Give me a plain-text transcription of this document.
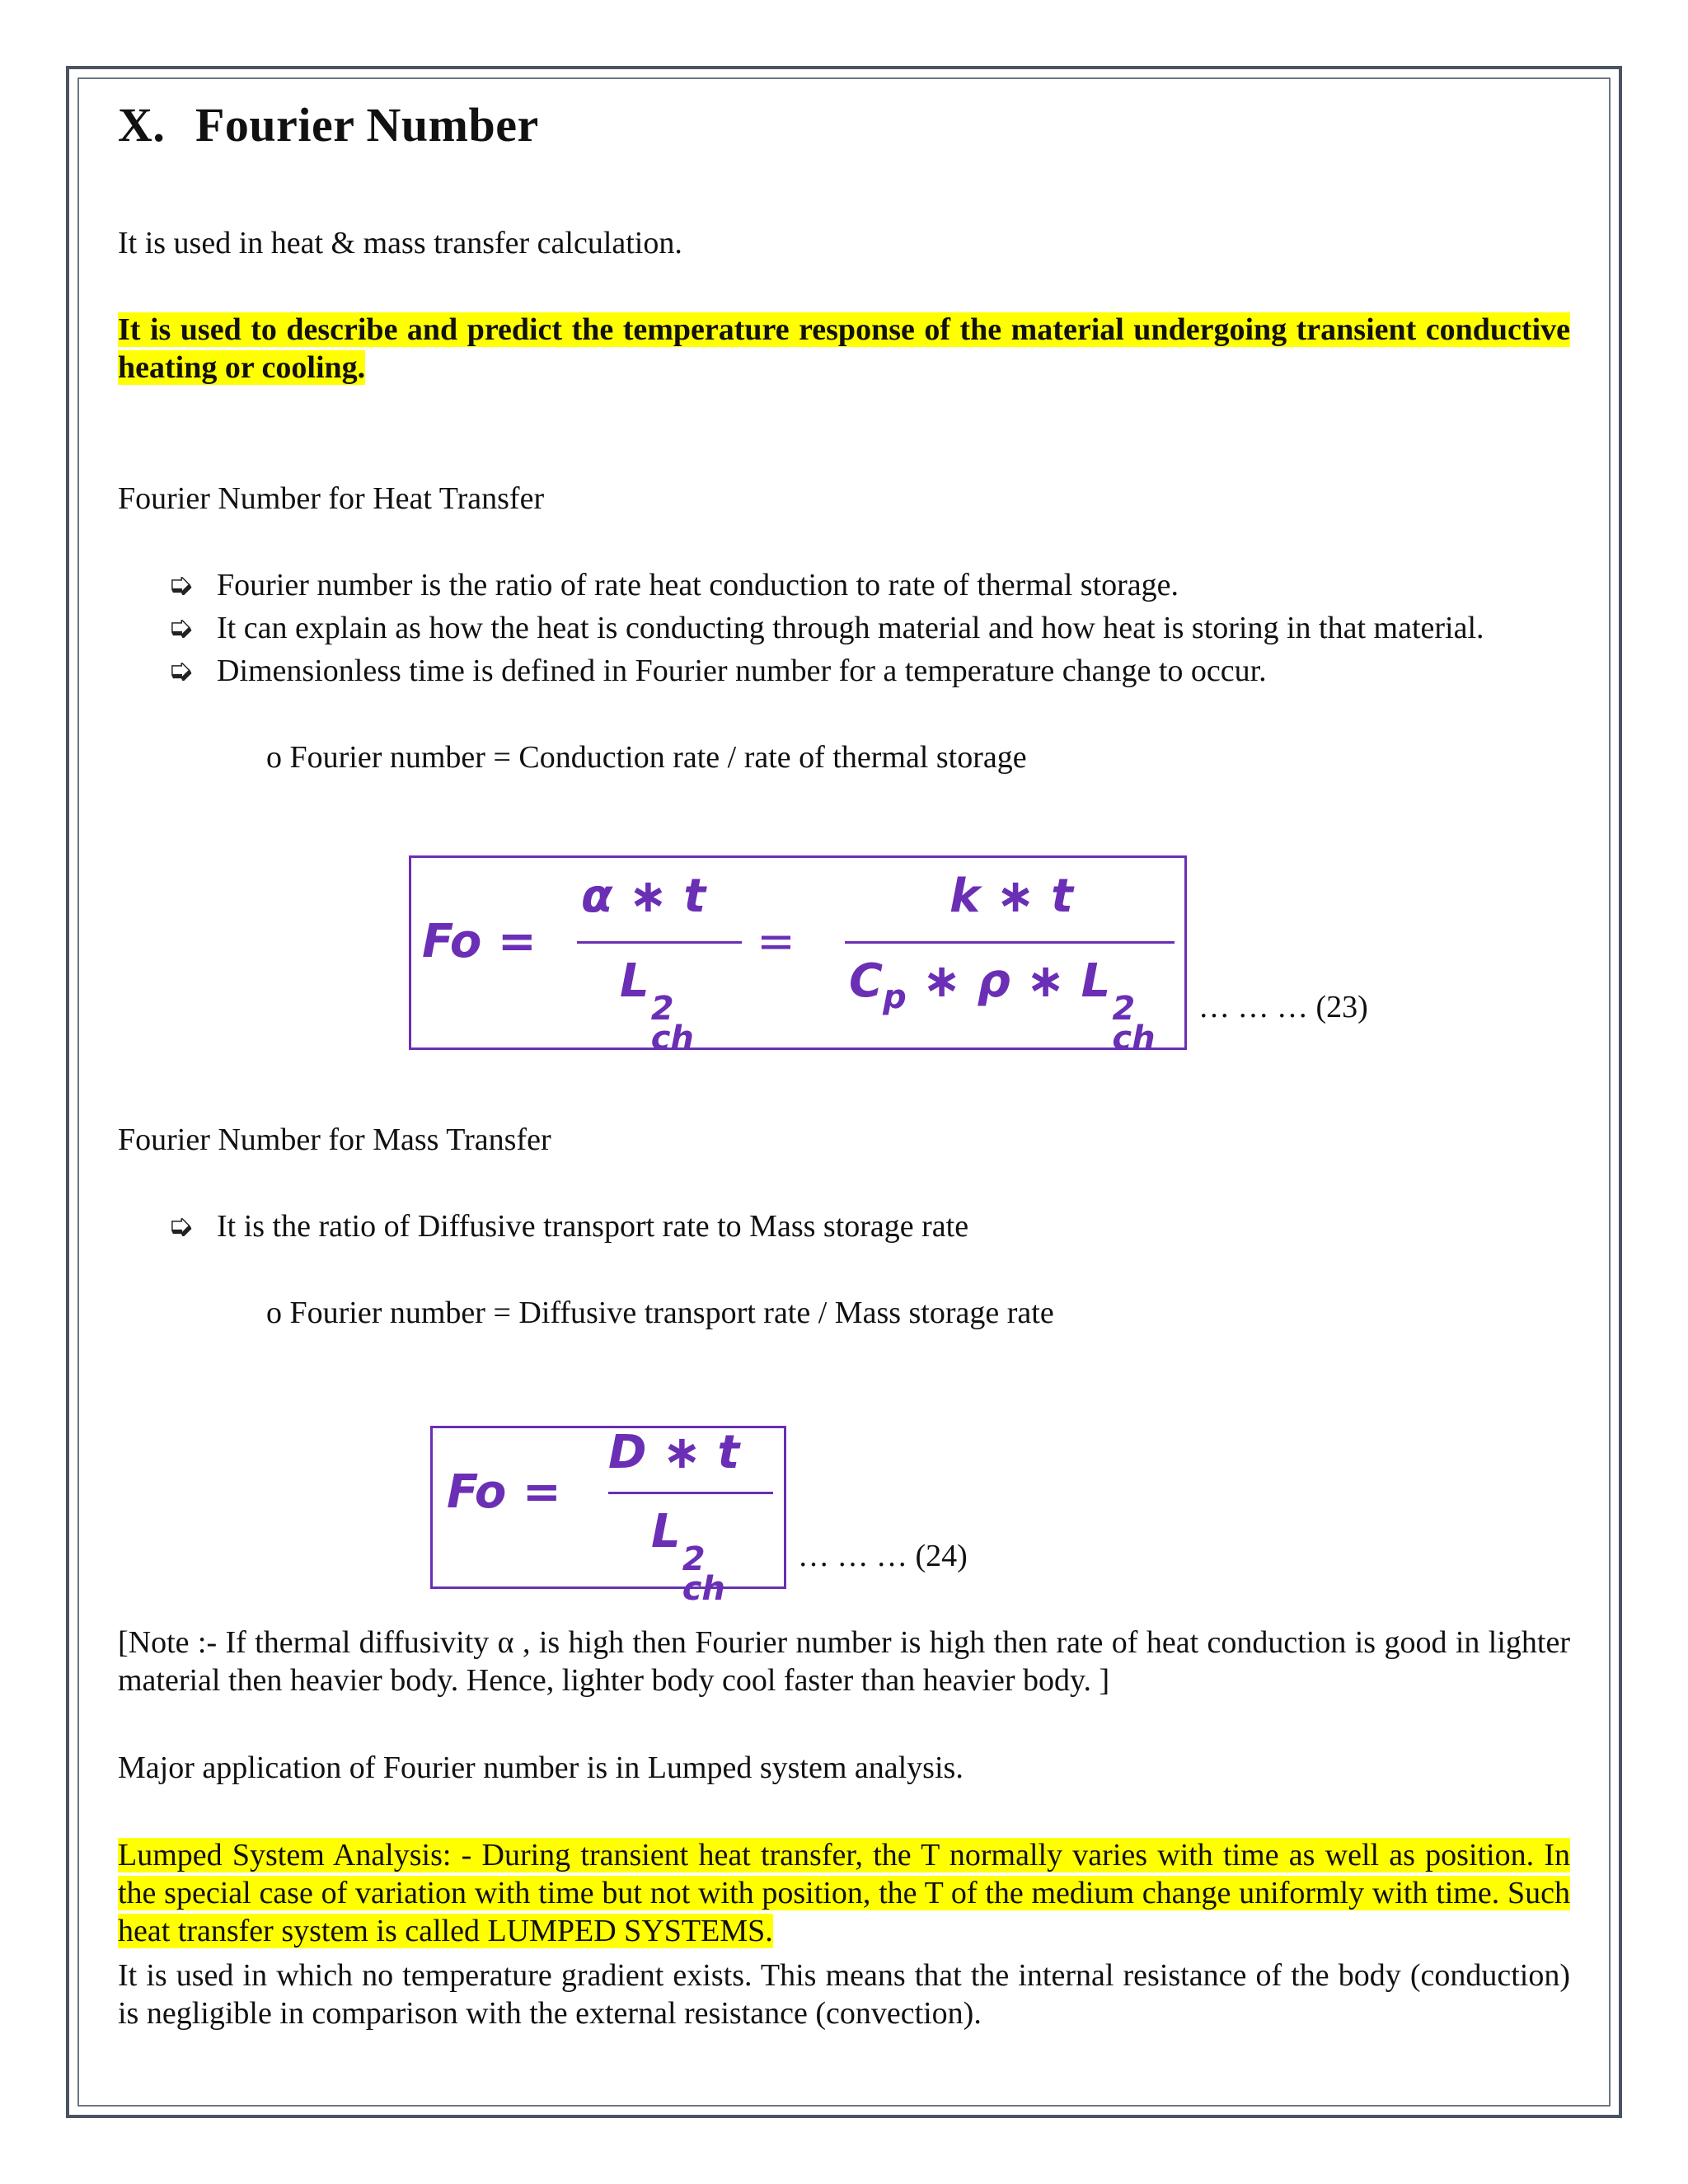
X. Fourier Number
It is used in heat & mass transfer calculation.
It is used to describe and predict the temperature response of the material undergoing transient conductive heating or cooling.
Fourier Number for Heat Transfer
➭ Fourier number is the ratio of rate heat conduction to rate of thermal storage.
➭ It can explain as how the heat is conducting through material and how heat is storing in that material.
➭ Dimensionless time is defined in Fourier number for a temperature change to occur.
o Fourier number = Conduction rate / rate of thermal storage
Fo =
α ∗ t
L
2
ch
=
k ∗ t
$C_p$ ∗ ρ ∗ L
2
ch
… … … (23)
Fourier Number for Mass Transfer
➭ It is the ratio of Diffusive transport rate to Mass storage rate
o Fourier number = Diffusive transport rate / Mass storage rate
Fo =
D ∗ t
L
2
ch
… … … (24)
[Note :- If thermal diffusivity α , is high then Fourier number is high then rate of heat conduction is good in lighter material then heavier body. Hence, lighter body cool faster than heavier body. ]
Major application of Fourier number is in Lumped system analysis.
Lumped System Analysis: - During transient heat transfer, the T normally varies with time as well as position. In the special case of variation with time but not with position, the T of the medium change uniformly with time. Such heat transfer system is called LUMPED SYSTEMS.
It is used in which no temperature gradient exists. This means that the internal resistance of the body (conduction) is negligible in comparison with the external resistance (convection).
